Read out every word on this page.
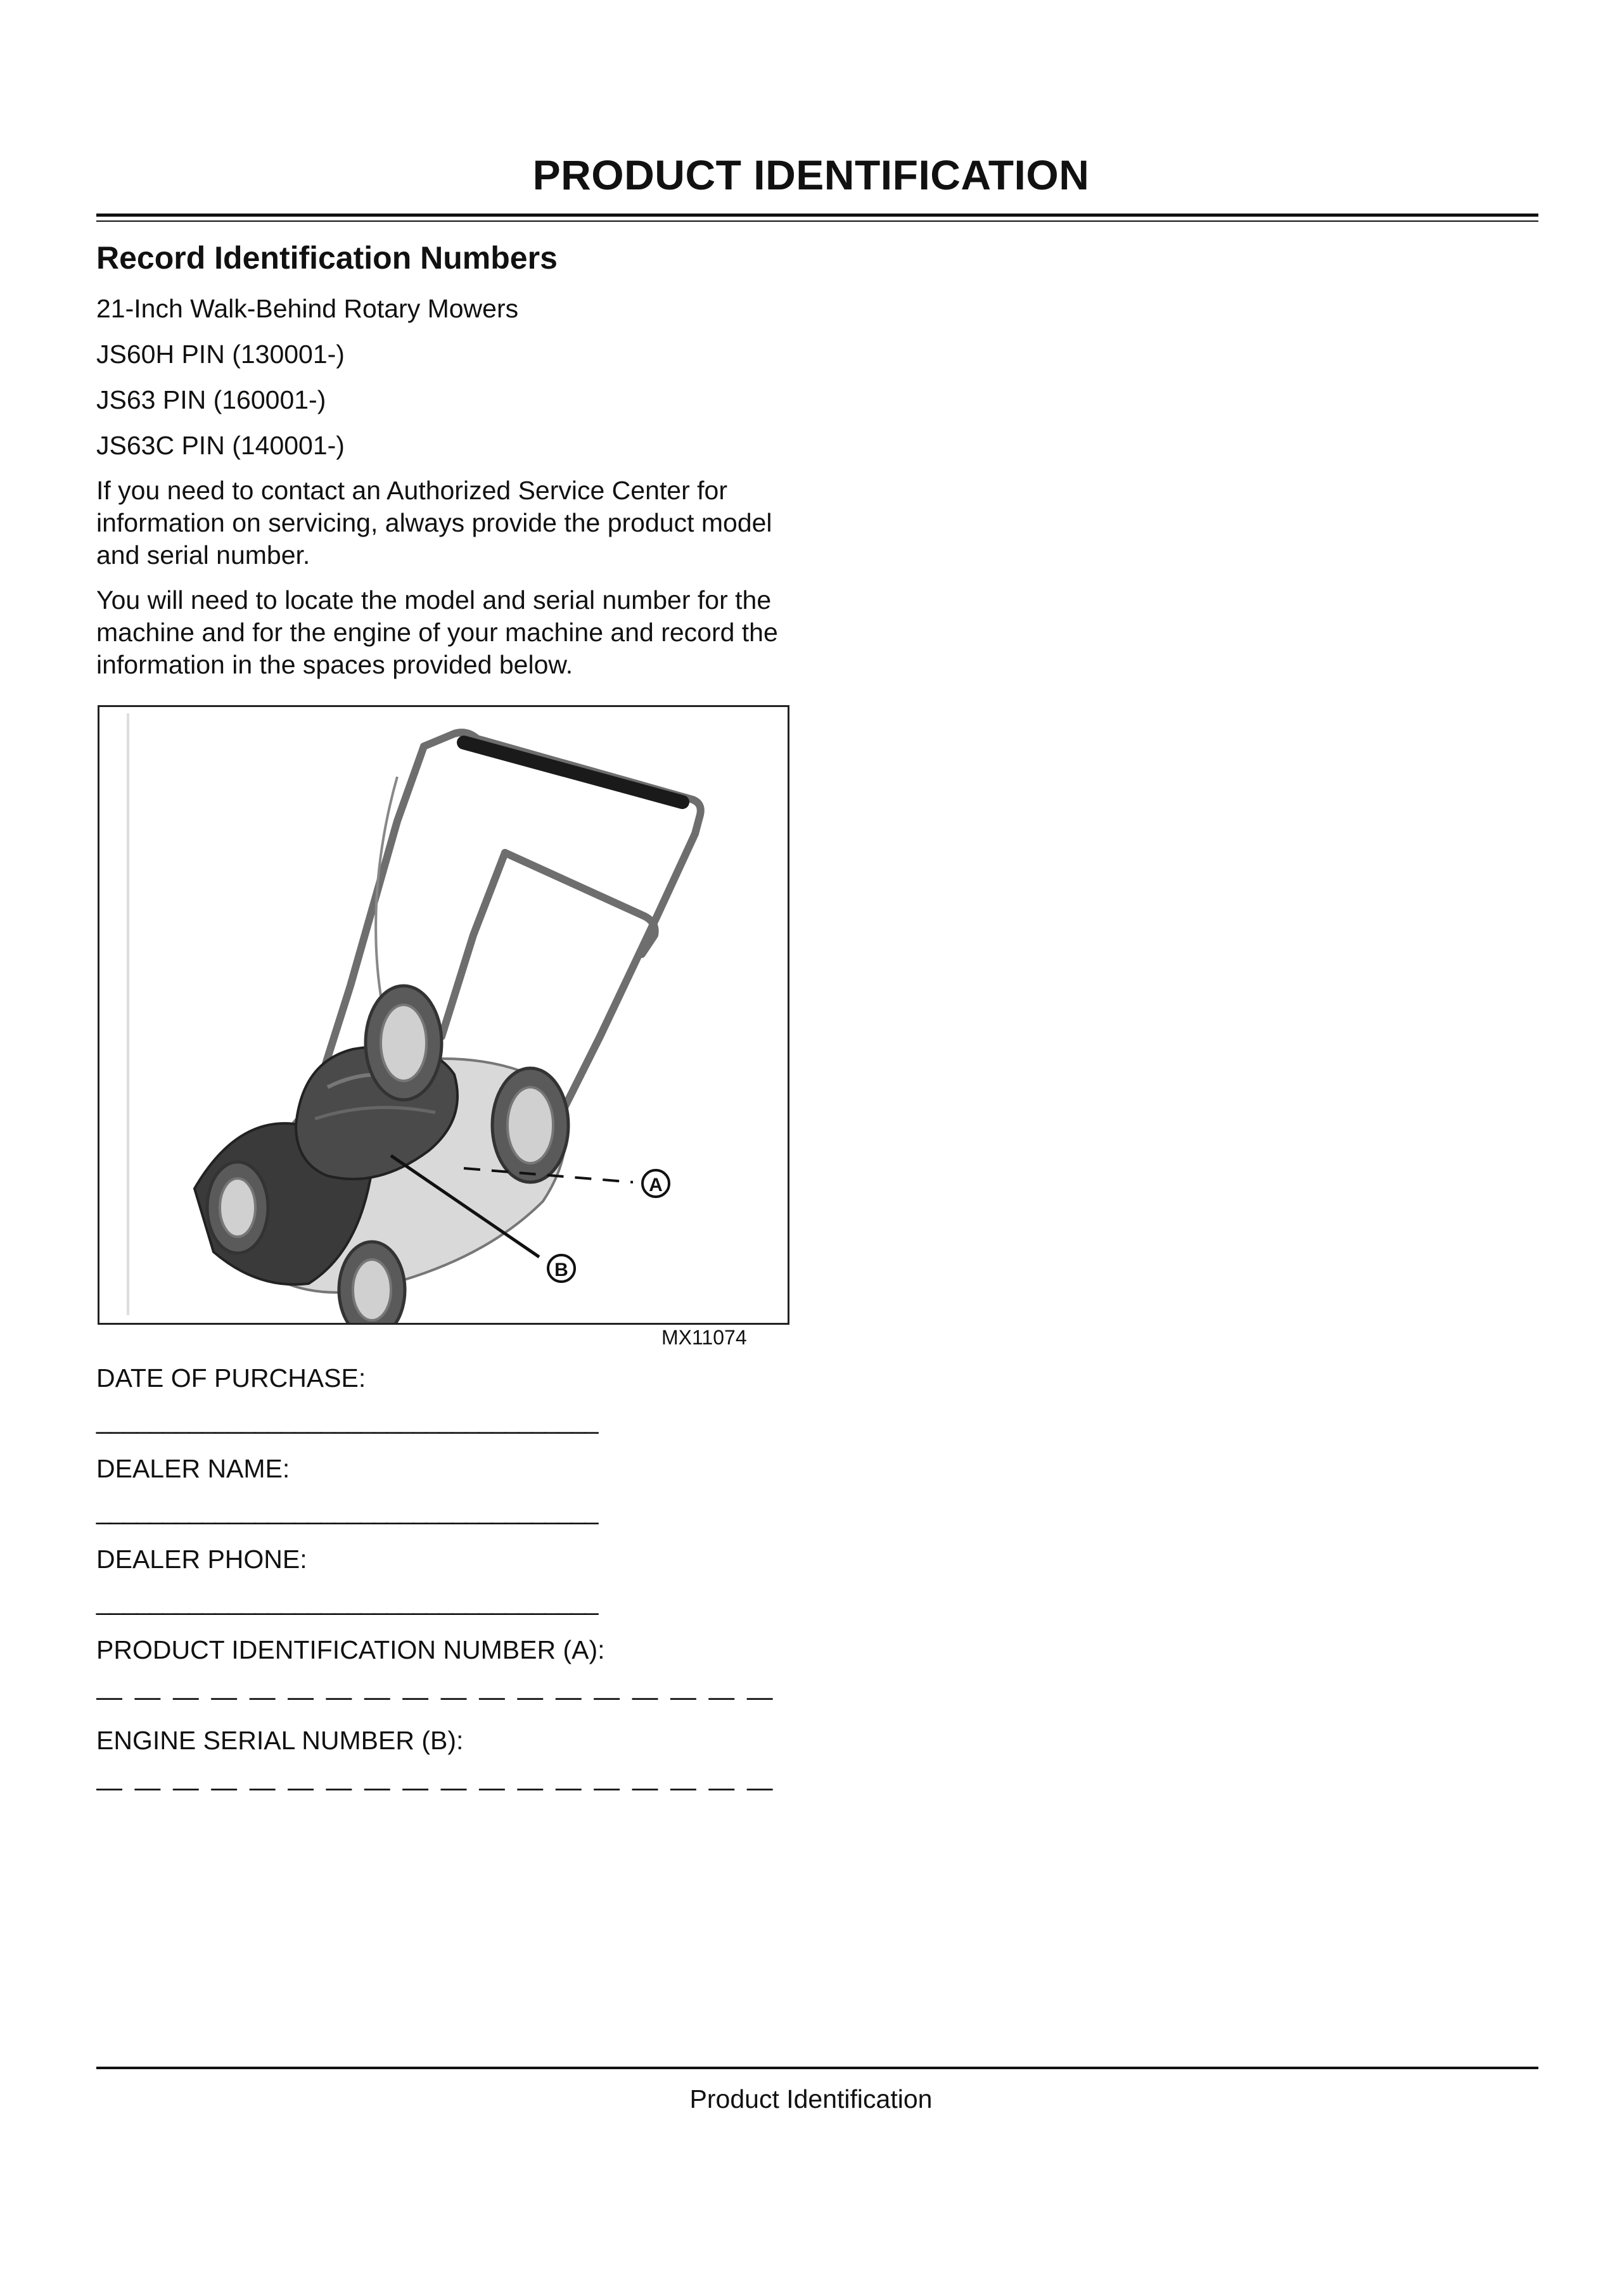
PRODUCT IDENTIFICATION
Record Identification Numbers
21-Inch Walk-Behind Rotary Mowers
JS60H PIN (130001-)
JS63 PIN (160001-)
JS63C PIN (140001-)
If you need to contact an Authorized Service Center for information on servicing, always provide the product model and serial number.
You will need to locate the model and serial number for the machine and for the engine of your machine and record the information in the spaces provided below.
A
B
MX11074
DATE OF PURCHASE:
______________________________________
DEALER NAME:
______________________________________
DEALER PHONE:
______________________________________
PRODUCT IDENTIFICATION NUMBER (A):
— — — — — — — — — — — — — — — — — —
ENGINE SERIAL NUMBER (B):
— — — — — — — — — — — — — — — — — —
Product Identification
